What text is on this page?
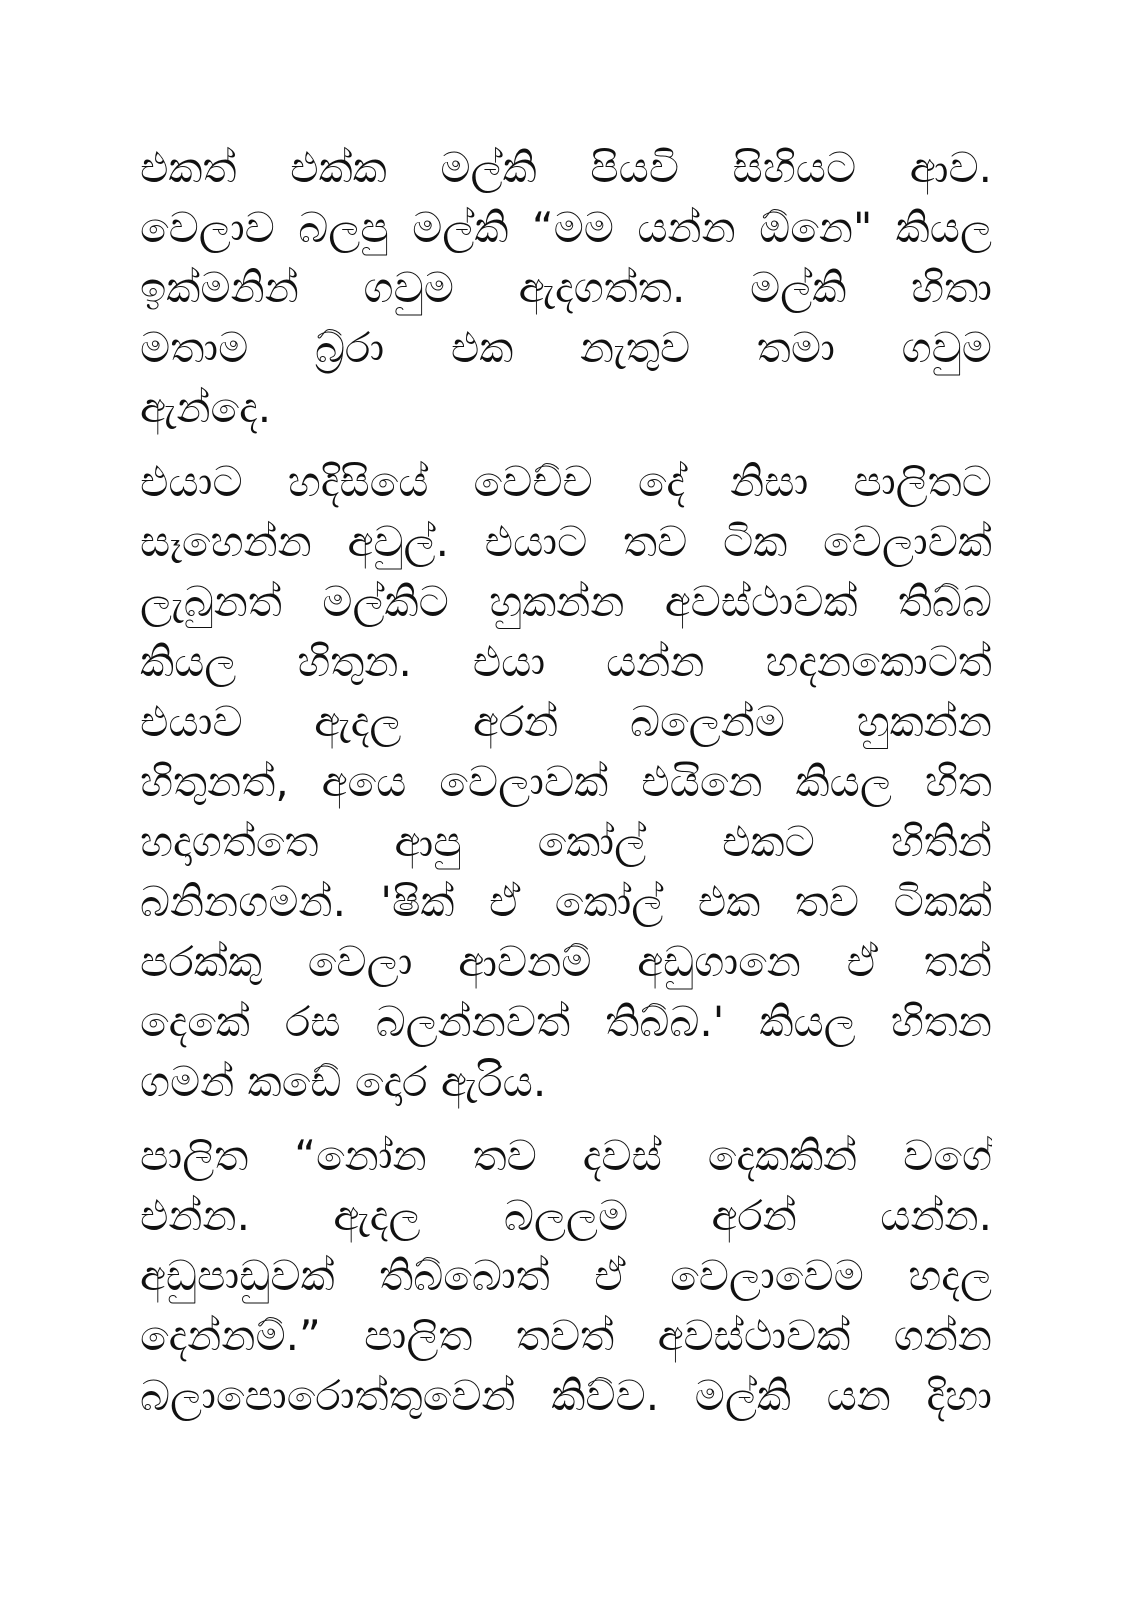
එකත් එක්ක මල්කි පියවි සිහියට ආව.
වෙලාව බලපු මල්කි “මම යන්න ඕනෙ" කියල
ඉක්මනින් ගවුම ඇදගත්ත. මල්කි හිතා
මතාම බ්‍ර්රා එක නැතුව තමා ගවුම
ඇන්දෙ.

එයාට හදිසියේ වෙච්ච දේ නිසා පාලිතට
සෑහෙන්න අවුල්. එයාට තව ටික වෙලාවක්
ලැබුනත් මල්කිට හුකන්න අවස්ථාවක් තිබ්බ
කියල හිතුන. එයා යන්න හදනකොටත්
එයාව ඇදල අරන් බලෙන්ම හුකන්න
හිතුනත්, අයෙ වෙලාවක් එයිනෙ කියල හිත
හදාගත්තෙ ආපු කෝල් එකට හිතින්
බනිනගමන්. 'ෂික් ඒ කෝල් එක තව ටිකක්
පරක්කු වෙලා ආවනම් අඩුගානෙ ඒ තන්
දෙකේ රස බලන්නවත් තිබ්බ.' කියල හිතන
ගමන් කඩේ දොර ඇරිය.

පාලිත “නෝන තව දවස් දෙකකින් වගේ
එන්න. ඇදල බලලම අරන් යන්න.
අඩුපාඩුවක් තිබ්බොත් ඒ වෙලාවෙම හදල
දෙන්නම්.” පාලිත තවත් අවස්ථාවක් ගන්න
බලාපොරොත්තුවෙන් කිව්ව. මල්කි යන දිහා
